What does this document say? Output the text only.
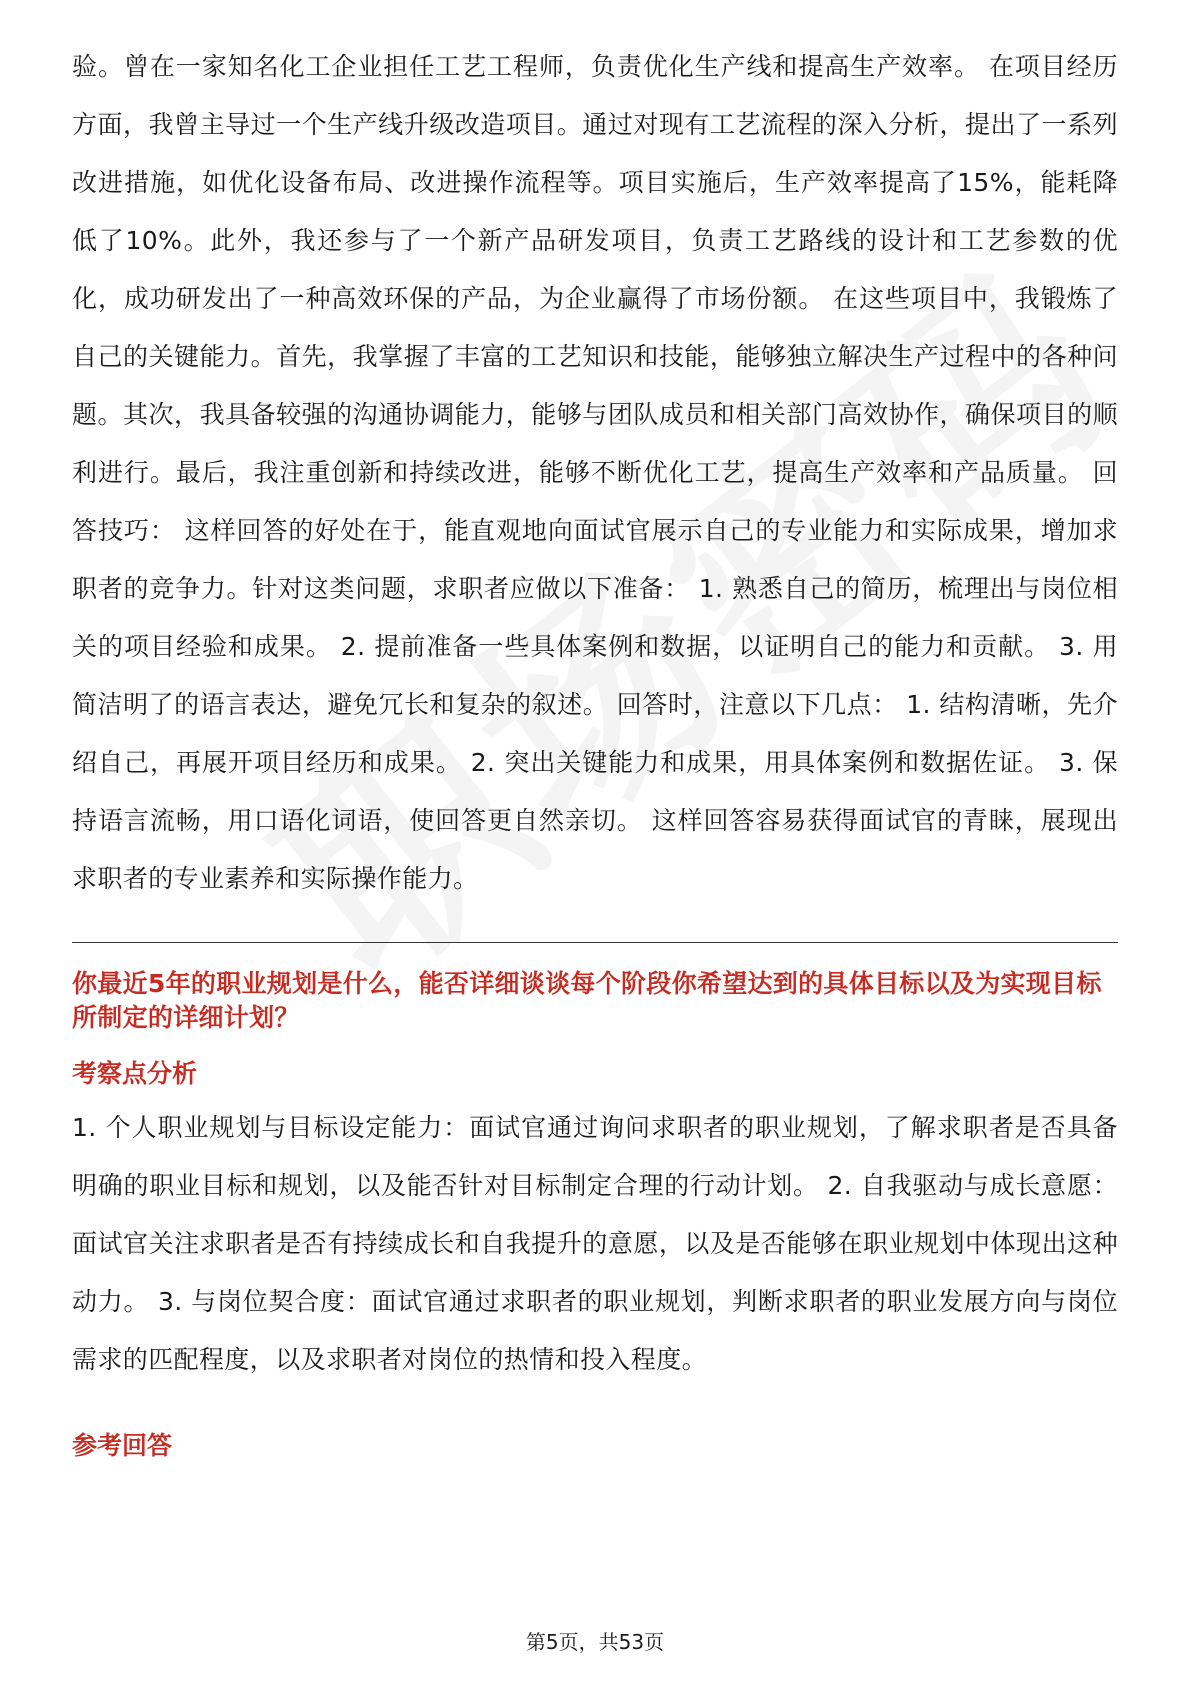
验。曾在一家知名化工企业担任工艺工程师，负责优化生产线和提高生产效率。 在项目经历方面，我曾主导过一个生产线升级改造项目。通过对现有工艺流程的深入分析，提出了一系列改进措施，如优化设备布局、改进操作流程等。项目实施后，生产效率提高了15%，能耗降低了10%。此外，我还参与了一个新产品研发项目，负责工艺路线的设计和工艺参数的优化，成功研发出了一种高效环保的产品，为企业赢得了市场份额。 在这些项目中，我锻炼了自己的关键能力。首先，我掌握了丰富的工艺知识和技能，能够独立解决生产过程中的各种问题。其次，我具备较强的沟通协调能力，能够与团队成员和相关部门高效协作，确保项目的顺利进行。最后，我注重创新和持续改进，能够不断优化工艺，提高生产效率和产品质量。 回答技巧： 这样回答的好处在于，能直观地向面试官展示自己的专业能力和实际成果，增加求职者的竞争力。针对这类问题，求职者应做以下准备： 1. 熟悉自己的简历，梳理出与岗位相关的项目经验和成果。 2. 提前准备一些具体案例和数据，以证明自己的能力和贡献。 3. 用简洁明了的语言表达，避免冗长和复杂的叙述。 回答时，注意以下几点： 1. 结构清晰，先介绍自己，再展开项目经历和成果。 2. 突出关键能力和成果，用具体案例和数据佐证。 3. 保持语言流畅，用口语化词语，使回答更自然亲切。 这样回答容易获得面试官的青睐，展现出求职者的专业素养和实际操作能力。

你最近5年的职业规划是什么，能否详细谈谈每个阶段你希望达到的具体目标以及为实现目标所制定的详细计划？

考察点分析

1. 个人职业规划与目标设定能力：面试官通过询问求职者的职业规划，了解求职者是否具备明确的职业目标和规划，以及能否针对目标制定合理的行动计划。 2. 自我驱动与成长意愿：面试官关注求职者是否有持续成长和自我提升的意愿，以及是否能够在职业规划中体现出这种动力。 3. 与岗位契合度：面试官通过求职者的职业规划，判断求职者的职业发展方向与岗位需求的匹配程度，以及求职者对岗位的热情和投入程度。

参考回答

第5页，共53页
